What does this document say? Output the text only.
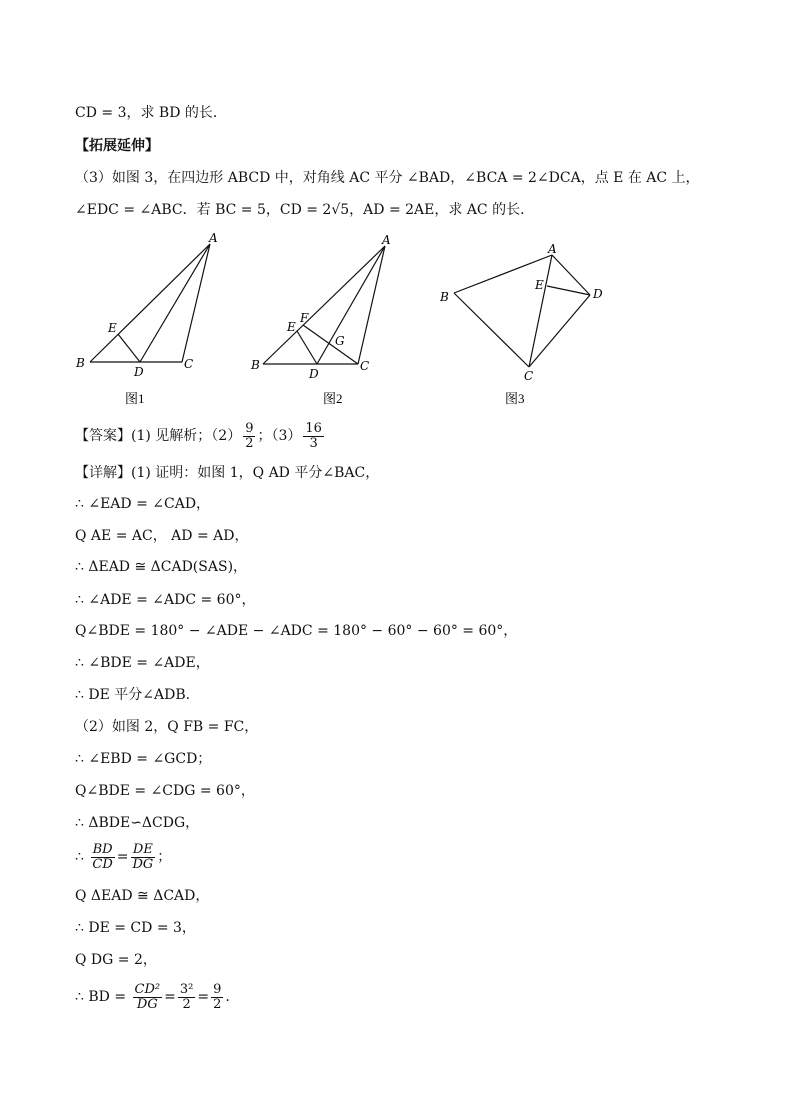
CD = 3，求 BD 的长．
【拓展延伸】
（3）如图 3，在四边形 ABCD 中，对角线 AC 平分 ∠BAD，∠BCA = 2∠DCA，点 E 在 AC 上，
∠EDC = ∠ABC．若 BC = 5，CD = 2√5，AD = 2AE，求 AC 的长．
A
B	C
D
E
图1
A
B	C
D
E
F
G
图2
A
B
C
D
E
图3
【答案】(1) 见解析；$(2) \frac{9}{2}$ ；$(3) \frac{16}{3}$
【详解】(1) 证明：如图 1，Q AD 平分∠BAC，
∴ ∠EAD = ∠CAD，
Q AE = AC， AD = AD，
∴ ΔEAD ≅ ΔCAD(SAS)，
∴ ∠ADE = ∠ADC = 60°，
Q∠BDE = 180° − ∠ADE − ∠ADC = 180° − 60° − 60° = 60°，
∴ ∠BDE = ∠ADE，
∴ DE 平分∠ADB．
（2）如图 2，Q FB = FC，
∴ ∠EBD = ∠GCD；
Q∠BDE = ∠CDG = 60°，
∴ ΔBDE∽ΔCDG，
∴ $\frac{BD}{CD} = \frac{DE}{DG}$ ；
Q ΔEAD ≅ ΔCAD，
∴ DE = CD = 3，
Q DG = 2，
∴ BD = $\frac{\text{CD²}}{DG} = \frac{\text{3²}}{2} = \frac{9}{2}$ .
